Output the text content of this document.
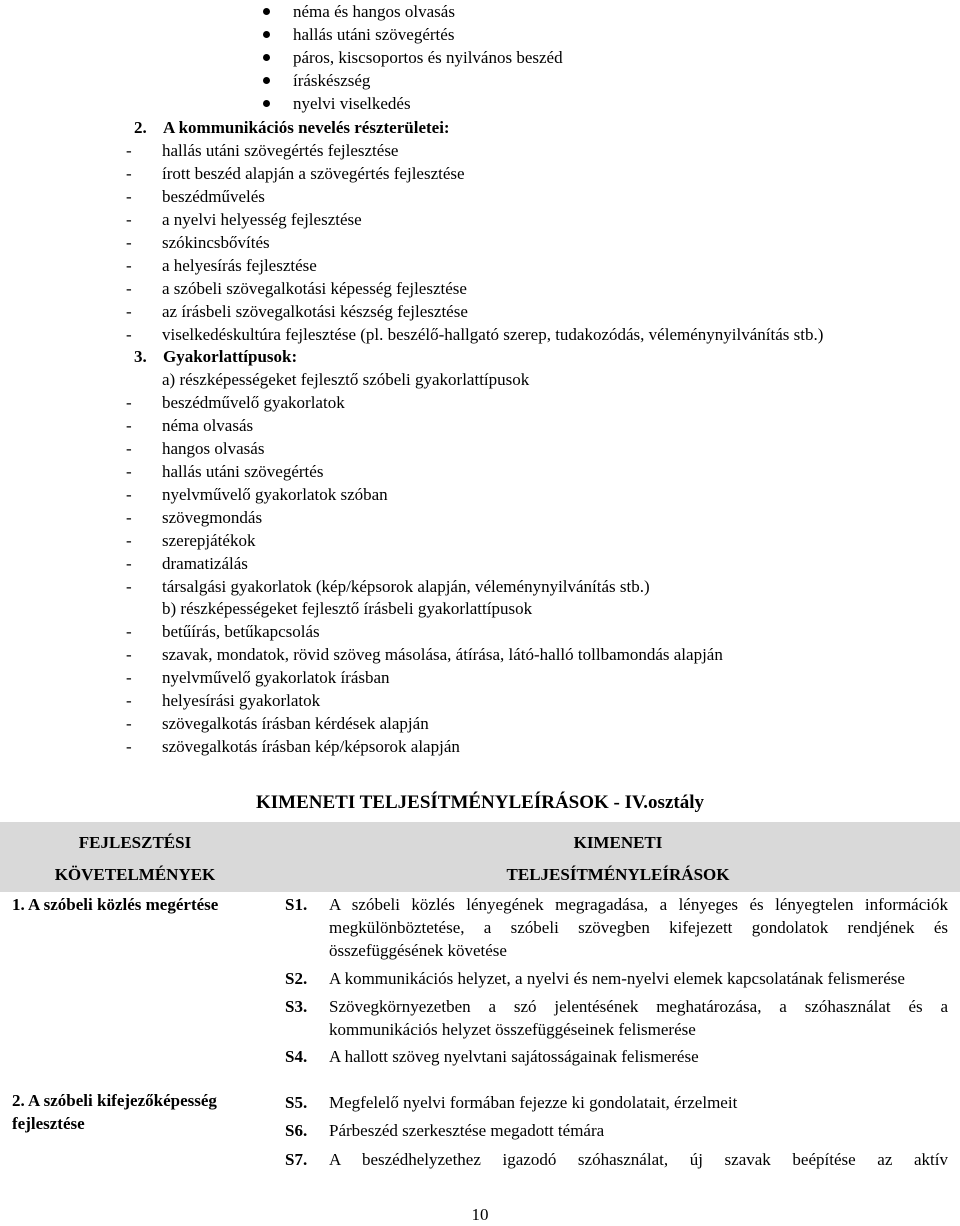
néma és hangos olvasás
hallás utáni szövegértés
páros, kiscsoportos és nyilvános beszéd
íráskészség
nyelvi viselkedés
2. A kommunikációs nevelés részterületei:
- hallás utáni szövegértés fejlesztése
- írott beszéd alapján a szövegértés fejlesztése
- beszédművelés
- a nyelvi helyesség fejlesztése
- szókincsbővítés
- a helyesírás fejlesztése
- a szóbeli szövegalkotási képesség fejlesztése
- az írásbeli szövegalkotási készség fejlesztése
- viselkedéskultúra fejlesztése (pl. beszélő-hallgató szerep, tudakozódás, véleménynyilvánítás stb.)
3. Gyakorlattípusok:
a) részképességeket fejlesztő szóbeli gyakorlattípusok
- beszédművelő gyakorlatok
- néma olvasás
- hangos olvasás
- hallás utáni szövegértés
- nyelvművelő gyakorlatok szóban
- szövegmondás
- szerepjátékok
- dramatizálás
- társalgási gyakorlatok (kép/képsorok alapján, véleménynyilvánítás stb.)
b) részképességeket fejlesztő írásbeli gyakorlattípusok
- betűírás, betűkapcsolás
- szavak, mondatok, rövid szöveg másolása, átírása, látó-halló tollbamondás alapján
- nyelvművelő gyakorlatok írásban
- helyesírási gyakorlatok
- szövegalkotás írásban kérdések alapján
- szövegalkotás írásban kép/képsorok alapján
KIMENETI TELJESÍTMÉNYLEÍRÁSOK - IV.osztály
FEJLESZTÉSI
KÖVETELMÉNYEK
KIMENETI
TELJESÍTMÉNYLEÍRÁSOK
1. A szóbeli közlés megértése	S1. A szóbeli közlés lényegének megragadása, a lényeges és lényegtelen információk
megkülönböztetése, a szóbeli szövegben kifejezett gondolatok rendjének és
összefüggésének követése
S2. A kommunikációs helyzet, a nyelvi és nem-nyelvi elemek kapcsolatának felismerése
S3. Szövegkörnyezetben a szó jelentésének meghatározása, a szóhasználat és a
kommunikációs helyzet összefüggéseinek felismerése
S4. A hallott szöveg nyelvtani sajátosságainak felismerése
2. A szóbeli kifejezőképesség
fejlesztése
S5. Megfelelő nyelvi formában fejezze ki gondolatait, érzelmeit
S6. Párbeszéd szerkesztése megadott témára
S7. A beszédhelyzethez igazodó szóhasználat, új szavak beépítése az aktív
10
